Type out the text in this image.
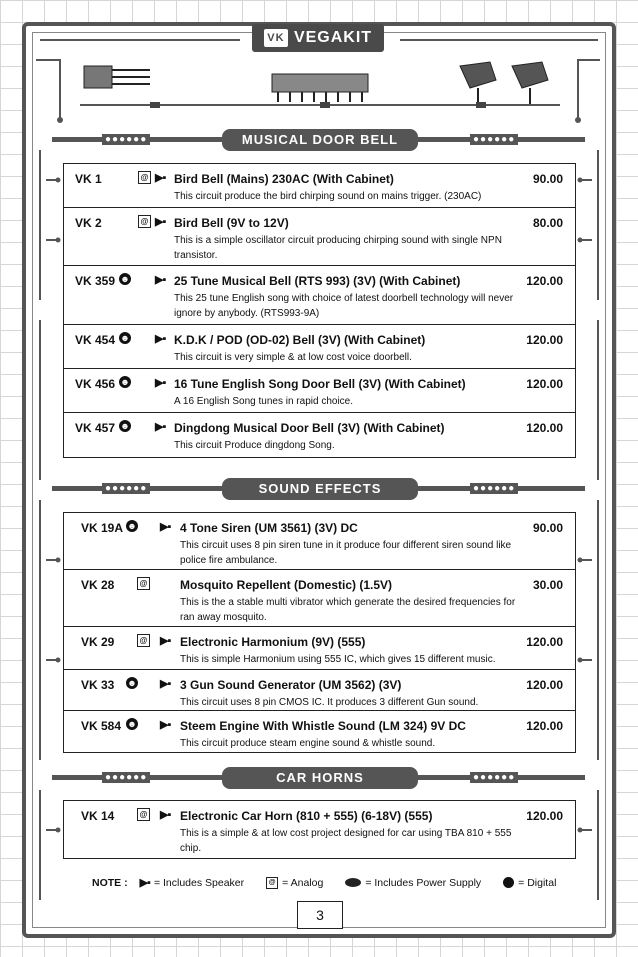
VK VEGAKIT
●●●●●●	●●●●●●
MUSICAL DOOR BELL
VK 1	@ ▶▪ Bird Bell (Mains) 230AC (With Cabinet)
This circuit produce the bird chirping sound on mains trigger. (230AC)
90.00
VK 2	@ ▶▪ Bird Bell (9V to 12V)
This is a simple oscillator circuit producing chirping sound with single NPN transistor.
80.00
VK 359 ☻ ▶▪ 25 Tune Musical Bell (RTS 993) (3V) (With Cabinet)
This 25 tune English song with choice of latest doorbell technology will never ignore by anybody. (RTS993-9A)
120.00
VK 454 ☻ ▶▪ K.D.K / POD (OD-02) Bell (3V) (With Cabinet)
This circuit is very simple & at low cost voice doorbell.
120.00
VK 456 ☻ ▶▪ 16 Tune English Song Door Bell (3V) (With Cabinet)
A 16 English Song tunes in rapid choice.
120.00
VK 457 ☻ ▶▪ Dingdong Musical Door Bell (3V) (With Cabinet)
This circuit Produce dingdong Song.
120.00
●●●●●●	●●●●●●
SOUND EFFECTS
VK 19A ☻ ▶▪ 4 Tone Siren (UM 3561) (3V) DC
This circuit uses 8 pin siren tune in it produce four different siren sound like police fire ambulance.
90.00
VK 28	@	Mosquito Repellent (Domestic) (1.5V)
This is the a stable multi vibrator which generate the desired frequencies for ran away mosquito.
30.00
VK 29	@ ▶▪ Electronic Harmonium (9V) (555)
This is simple Harmonium using 555 IC, which gives 15 different music.
120.00
VK 33 ☻ ▶▪ 3 Gun Sound Generator (UM 3562) (3V)
This circuit uses 8 pin CMOS IC. It produces 3 different Gun sound.
120.00
VK 584 ☻ ▶▪ Steem Engine With Whistle Sound (LM 324) 9V DC
This circuit produce steam engine sound & whistle sound.
120.00
●●●●●●	●●●●●●
CAR HORNS
VK 14	@ ▶▪ Electronic Car Horn (810 + 555) (6-18V) (555)
This is a simple & at low cost project designed for car using TBA 810 + 555 chip.
120.00
NOTE : ▶▪ = Includes Speaker	@ = Analog	= Includes Power Supply	= Digital
3
